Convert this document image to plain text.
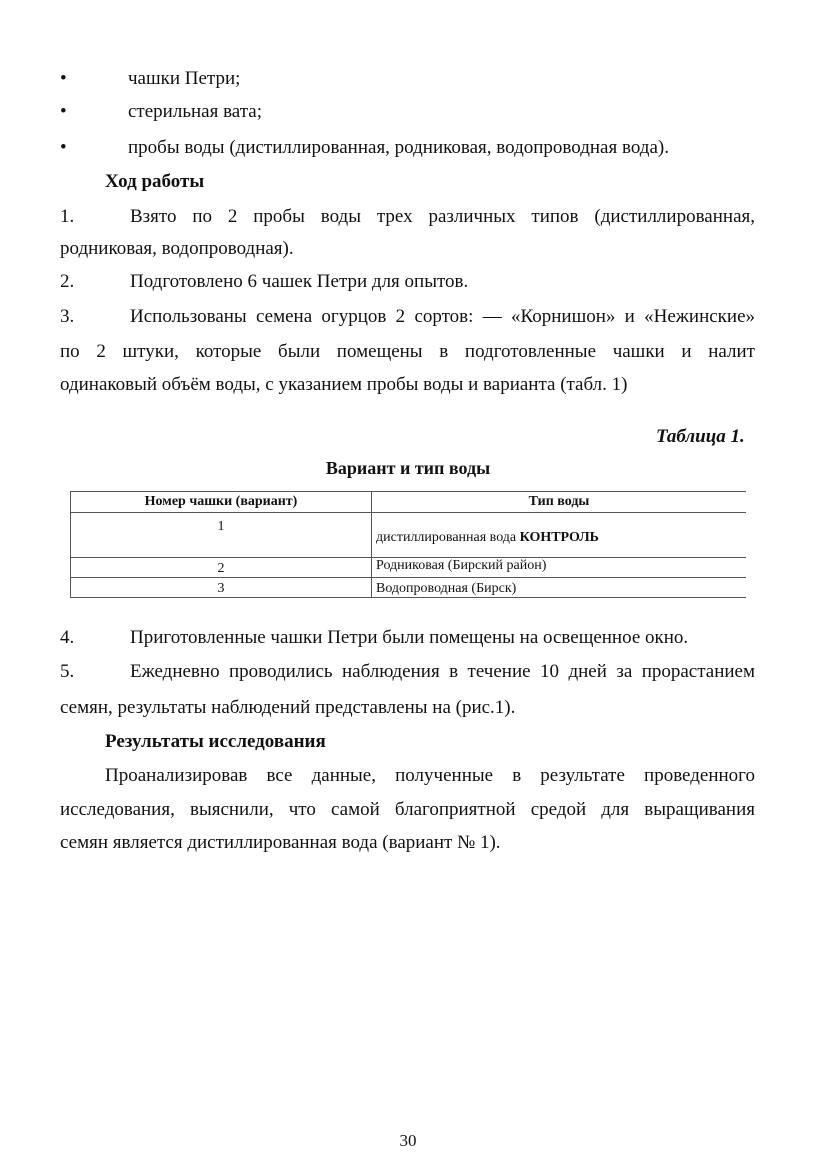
•	чашки Петри;
•	стерильная вата;
•	пробы воды (дистиллированная, родниковая, водопроводная вода).
Ход работы
1.	Взято по 2 пробы воды трех различных типов (дистиллированная,
родниковая, водопроводная).
2.	Подготовлено 6 чашек Петри для опытов.
3.	Использованы семена огурцов 2 сортов: — «Корнишон» и «Нежинские»
по 2 штуки, которые были помещены в подготовленные чашки и налит
одинаковый объём воды, с указанием пробы воды и варианта (табл. 1)
Таблица 1.
Вариант и тип воды
Номер чашки (вариант)	Тип воды
1	дистиллированная вода КОНТРОЛЬ
2	Родниковая (Бирский район)
3	Водопроводная (Бирск)
4.	Приготовленные чашки Петри были помещены на освещенное окно.
5.	Ежедневно проводились наблюдения в течение 10 дней за прорастанием
семян, результаты наблюдений представлены на (рис.1).
Результаты исследования
Проанализировав все данные, полученные в результате проведенного
исследования, выяснили, что самой благоприятной средой для выращивания
семян является дистиллированная вода (вариант № 1).
30
